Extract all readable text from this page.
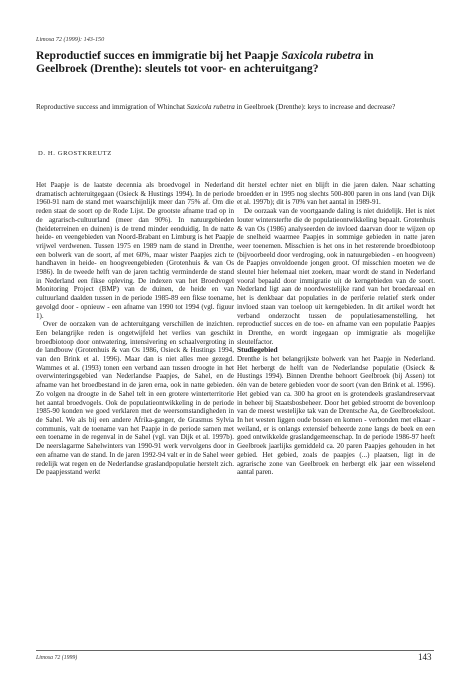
Limosa 72 (1999): 143-150
Reproductief succes en immigratie bij het Paapje Saxicola rubetra in Geelbroek (Drenthe): sleutels tot voor- en achteruitgang?
Reproductive success and immigration of Whinchat Saxicola rubetra in Geelbroek (Drenthe): keys to increase and decrease?
D. H. GROSTKREUTZ

Het Paapje is de laatste decennia als broedvogel in Nederland dramatisch achteruitgegaan (Osieck & Hustings 1994). In de periode 1960-91 nam de stand met waarschijnlijk meer dan 75% af. Om die reden staat de soort op de Rode Lijst. De grootste afname trad op in de agrarisch-cultuurland (meer dan 90%). In natuurgebieden (heideterreinen en duinen) is de trend minder eenduidig. In de natte heide- en veengebieden van Noord-Brabant en Limburg is het Paapje vrijwel verdwenen. Tussen 1975 en 1989 nam de stand in Drenthe, een bolwerk van de soort, af met 60%, maar wister Paapjes zich te handhaven in heide- en hoogveengebieden (Grotenhuis & van Os 1986). In de tweede helft van de jaren tachtig verminderde de stand in Nederland een fikse opleving. De indexen van het Broedvogel Monitoring Project (BMP) van de duinen, de heide en van cultuurland daalden tussen in de periode 1985-89 een fikse toename, gevolgd door - opnieuw - een afname van 1990 tot 1994 (vgl. figuur 1).

Over de oorzaken van de achteruitgang verschillen de inzichten. Een belangrijke reden is ongetwijfeld het verlies van geschikt broedbiotoop door ontwatering, intensivering en schaalvergroting in de landbouw (Grotenhuis & van Os 1986, Osieck & Hustings 1994, van den Brink et al. 1996). Maar dan is niet alles mee gezegd. Wammes et al. (1993) tonen een verband aan tussen droogte in het overwinteringsgebied van Nederlandse Paapjes, de Sahel, en de afname van het broedbestand in de jaren erna, ook in natte gebieden. Zo volgen na droogte in de Sahel telt in een grotere winterterritorie het aantal broedvogels. Ook de populatieontwikkeling in de periode 1985-90 konden we goed verklaren met de weersomstandigheden in de Sahel. We als bij een andere Afrika-ganger, de Grasmus Sylvia communis, valt de toename van het Paapje in de periode samen met een toename in de regenval in de Sahel (vgl. van Dijk et al. 1997b). De neerslagarme Sahelwinters van 1990-91 werk vervolgens door in een afname van de stand. In de jaren 1992-94 valt er in de Sahel weer redelijk wat regen en de Nederlandse graslandpopulatie herstelt zich. De paapjesstand werkt

dit herstel echter niet en blijft in die jaren dalen. Naar schatting broedden er in 1995 nog slechts 500-800 paren in ons land (van Dijk et al. 1997b); dit is 70% van het aantal in 1989-91.

De oorzaak van de voortgaande daling is niet duidelijk. Het is niet louter wintersterfte die de populatieontwikkeling bepaalt. Grotenhuis & van Os (1986) analyseerden de invloed daarvan door te wijzen op de snelheid waarmee Paapjes in sommige gebieden in natte jaren weer toenemen. Misschien is het ons in het resterende broedbiotoop (bijvoorbeeld door verdroging, ook in natuurgebieden - en hoogveen) de Paapjes onvoldoende jongen groot. Of misschien moeten we de sleutel hier helemaal niet zoeken, maar wordt de stand in Nederland vooral bepaald door immigratie uit de kerngebieden van de soort. Nederland ligt aan de noordwestelijke rand van het broedareaal en het is denkbaar dat populaties in de periferie relatief sterk onder invloed staan van toeloop uit kerngebieden. In dit artikel wordt het verband onderzocht tussen de populatiesamenstelling, het reproductief succes en de toe- en afname van een populatie Paapjes in Drenthe, en wordt ingegaan op immigratie als mogelijke sleutelfactor.

Studiegebied

Drenthe is het belangrijkste bolwerk van het Paapje in Nederland. Het herbergt de helft van de Nederlandse populatie (Osieck & Hustings 1994). Binnen Drenthe behoort Geelbroek (bij Assen) tot één van de betere gebieden voor de soort (van den Brink et al. 1996). Het gebied van ca. 300 ha groot en is grotendeels graslandreservaat in beheer bij Staatsbosbeheer. Door het gebied stroomt de bovenloop van de meest westelijke tak van de Drentsche Aa, de Geelbroeksloot. In het westen liggen oude bossen en komen - verbonden met elkaar - weiland, er is onlangs extensief beheerde zone langs de beek en een goed ontwikkelde graslandgemeenschap. In de periode 1986-97 heeft Geelbroek jaarlijks gemiddeld ca. 20 paren Paapjes gehouden in het gebied. Het gebied, zoals de paapjes (...) plaatsen, ligt in de agrarische zone van Geelbroek en herbergt elk jaar een wisselend aantal paren.

Limosa 72 (1999)	143
